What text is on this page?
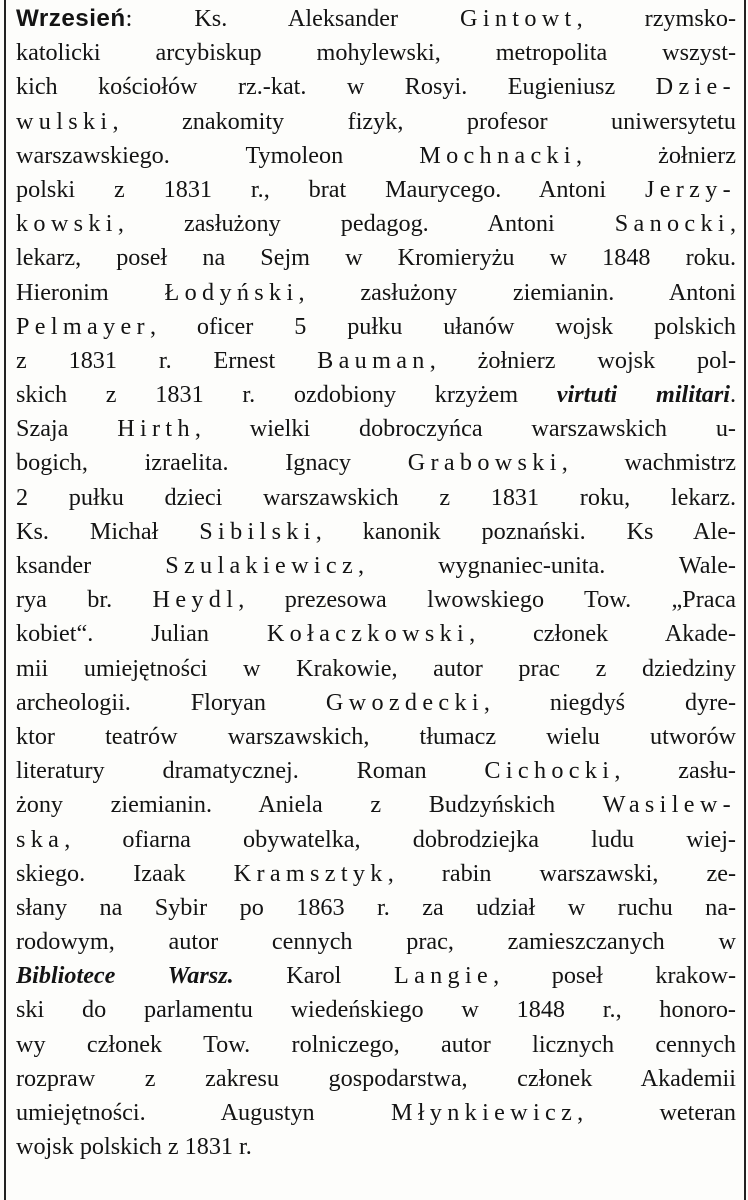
Wrzesień: Ks. Aleksander Gintowt, rzymsko-
katolicki arcybiskup mohylewski, metropolita wszyst-
kich kościołów rz.-kat. w Rosyi. Eugieniusz Dzie-
wulski, znakomity fizyk, profesor uniwersytetu
warszawskiego. Tymoleon Mochnacki, żołnierz
polski z 1831 r., brat Maurycego. Antoni Jerzy-
kowski, zasłużony pedagog. Antoni Sanocki,
lekarz, poseł na Sejm w Kromieryżu w 1848 roku.
Hieronim Łodyński, zasłużony ziemianin. Antoni
Pelmayer, oficer 5 pułku ułanów wojsk polskich
z 1831 r. Ernest Bauman, żołnierz wojsk pol-
skich z 1831 r. ozdobiony krzyżem virtuti militari.
Szaja Hirth, wielki dobroczyńca warszawskich u-
bogich, izraelita. Ignacy Grabowski, wachmistrz
2 pułku dzieci warszawskich z 1831 roku, lekarz.
Ks. Michał Sibilski, kanonik poznański. Ks Ale-
ksander Szulakiewicz, wygnaniec-unita. Wale-
rya br. Heydl, prezesowa lwowskiego Tow. „Praca
kobiet“. Julian Kołaczkowski, członek Akade-
mii umiejętności w Krakowie, autor prac z dziedziny
archeologii. Floryan Gwozdecki, niegdyś dyre-
ktor teatrów warszawskich, tłumacz wielu utworów
literatury dramatycznej. Roman Cichocki, zasłu-
żony ziemianin. Aniela z Budzyńskich Wasilew-
ska, ofiarna obywatelka, dobrodziejka ludu wiej-
skiego. Izaak Kramsztyk, rabin warszawski, ze-
słany na Sybir po 1863 r. za udział w ruchu na-
rodowym, autor cennych prac, zamieszczanych w
Bibliotece Warsz. Karol Langie, poseł krakow-
ski do parlamentu wiedeńskiego w 1848 r., honoro-
wy członek Tow. rolniczego, autor licznych cennych
rozpraw z zakresu gospodarstwa, członek Akademii
umiejętności. Augustyn Młynkiewicz, weteran
wojsk polskich z 1831 r.
